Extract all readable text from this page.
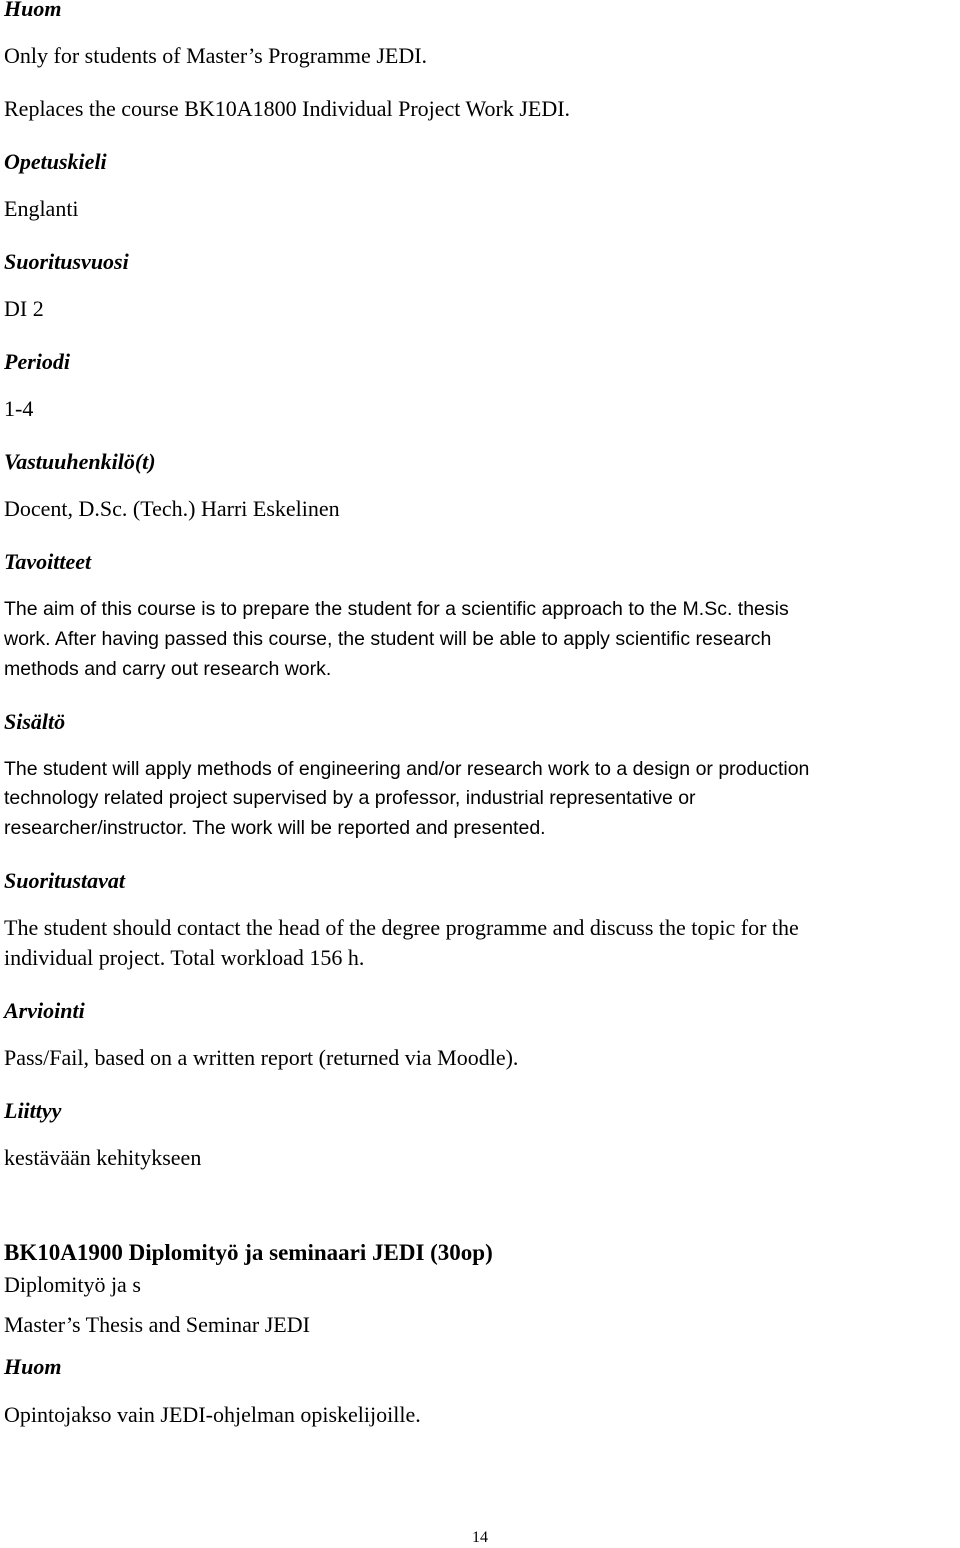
Huom
Only for students of Master’s Programme JEDI.
Replaces the course BK10A1800 Individual Project Work JEDI.
Opetuskieli
Englanti
Suoritusvuosi
DI 2
Periodi
1-4
Vastuuhenkilö(t)
Docent, D.Sc. (Tech.) Harri Eskelinen
Tavoitteet
The aim of this course is to prepare the student for a scientific approach to the M.Sc. thesis
work. After having passed this course, the student will be able to apply scientific research
methods and carry out research work.
Sisältö
The student will apply methods of engineering and/or research work to a design or production
technology related project supervised by a professor, industrial representative or
researcher/instructor. The work will be reported and presented.
Suoritustavat
The student should contact the head of the degree programme and discuss the topic for the
individual project. Total workload 156 h.
Arviointi
Pass/Fail, based on a written report (returned via Moodle).
Liittyy
kestävään kehitykseen
BK10A1900 Diplomityö ja seminaari JEDI (30op)
Diplomityö ja s
Master’s Thesis and Seminar JEDI
Huom
Opintojakso vain JEDI-ohjelman opiskelijoille.
14
